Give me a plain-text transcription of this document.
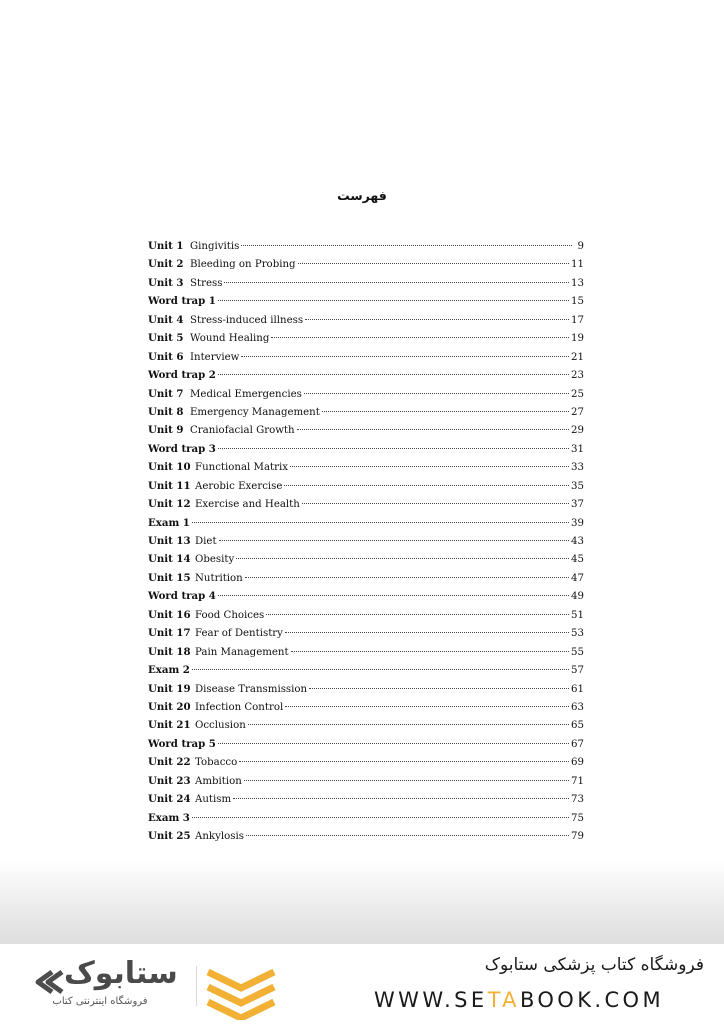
فهرست
Unit 1 Gingivitis	9
Unit 2 Bleeding on Probing	11
Unit 3 Stress	13
Word trap 1	15
Unit 4 Stress-induced illness	17
Unit 5 Wound Healing	19
Unit 6 Interview	21
Word trap 2	23
Unit 7 Medical Emergencies	25
Unit 8 Emergency Management	27
Unit 9 Craniofacial Growth	29
Word trap 3	31
Unit 10 Functional Matrix	33
Unit 11 Aerobic Exercise	35
Unit 12 Exercise and Health	37
Exam 1	39
Unit 13 Diet	43
Unit 14 Obesity	45
Unit 15 Nutrition	47
Word trap 4	49
Unit 16 Food Choices	51
Unit 17 Fear of Dentistry	53
Unit 18 Pain Management	55
Exam 2	57
Unit 19 Disease Transmission	61
Unit 20 Infection Control	63
Unit 21 Occlusion	65
Word trap 5	67
Unit 22 Tobacco	69
Unit 23 Ambition	71
Unit 24 Autism	73
Exam 3	75
Unit 25 Ankylosis	79
ستابوک
فروشگاه اینترنتی کتاب
فروشگاه کتاب پزشکی ستابوک
WWW.SETABOOK.COM
